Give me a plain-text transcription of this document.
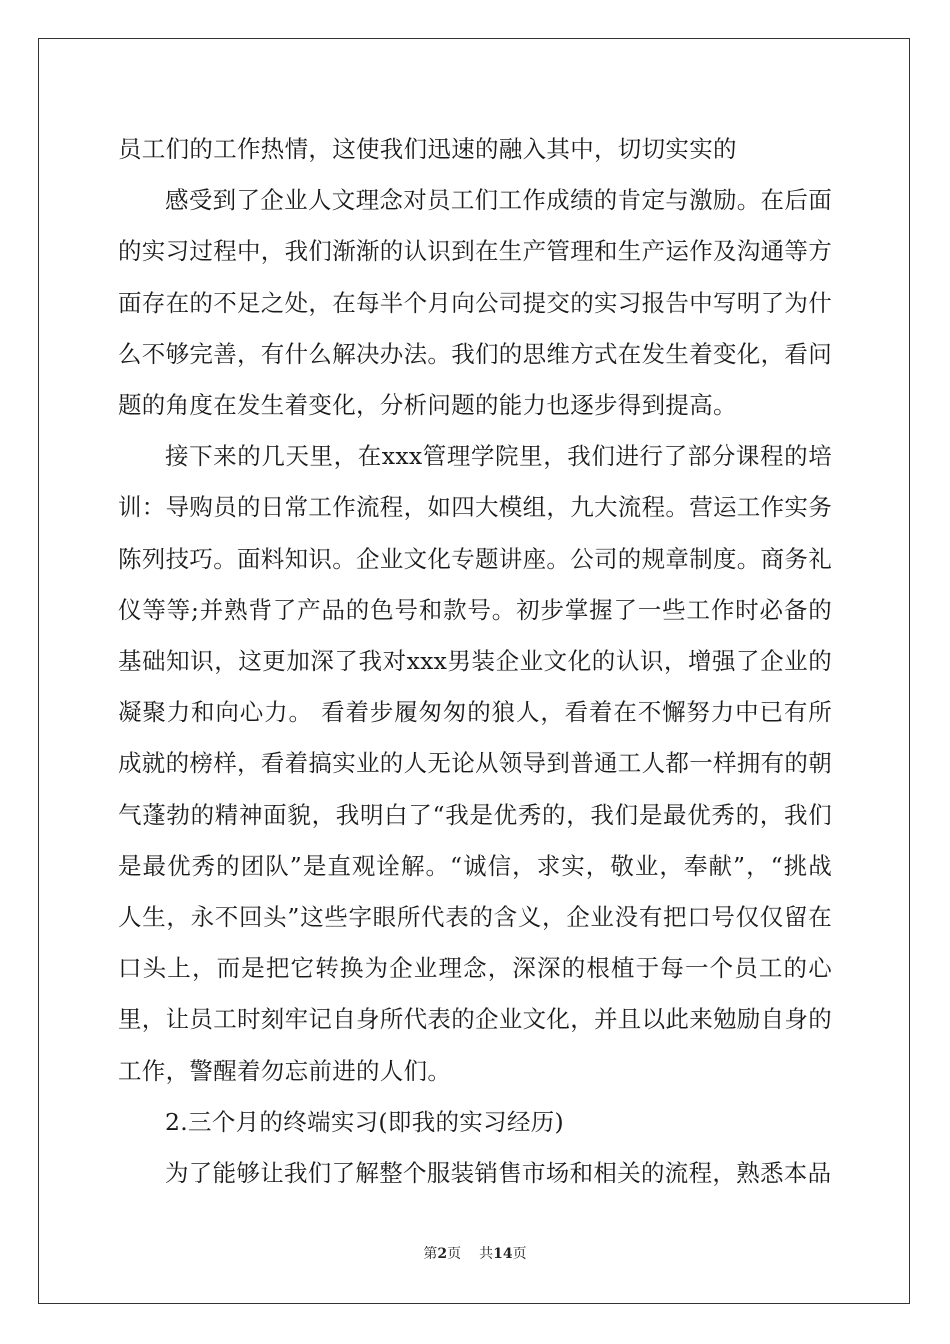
员工们的工作热情，这使我们迅速的融入其中，切切实实的

感受到了企业人文理念对员工们工作成绩的肯定与激励。在后面的实习过程中，我们渐渐的认识到在生产管理和生产运作及沟通等方面存在的不足之处，在每半个月向公司提交的实习报告中写明了为什么不够完善，有什么解决办法。我们的思维方式在发生着变化，看问题的角度在发生着变化，分析问题的能力也逐步得到提高。

接下来的几天里，在xxx管理学院里，我们进行了部分课程的培训：导购员的日常工作流程，如四大模组，九大流程。营运工作实务陈列技巧。面料知识。企业文化专题讲座。公司的规章制度。商务礼仪等等;并熟背了产品的色号和款号。初步掌握了一些工作时必备的基础知识，这更加深了我对xxx男装企业文化的认识，增强了企业的凝聚力和向心力。 看着步履匆匆的狼人，看着在不懈努力中已有所成就的榜样，看着搞实业的人无论从领导到普通工人都一样拥有的朝气蓬勃的精神面貌，我明白了“我是优秀的，我们是最优秀的，我们是最优秀的团队”是直观诠解。“诚信，求实，敬业，奉献”，“挑战人生，永不回头”这些字眼所代表的含义，企业没有把口号仅仅留在口头上，而是把它转换为企业理念，深深的根植于每一个员工的心里，让员工时刻牢记自身所代表的企业文化，并且以此来勉励自身的工作，警醒着勿忘前进的人们。

2.三个月的终端实习(即我的实习经历)

为了能够让我们了解整个服装销售市场和相关的流程，熟悉本品

第2页 共14页
